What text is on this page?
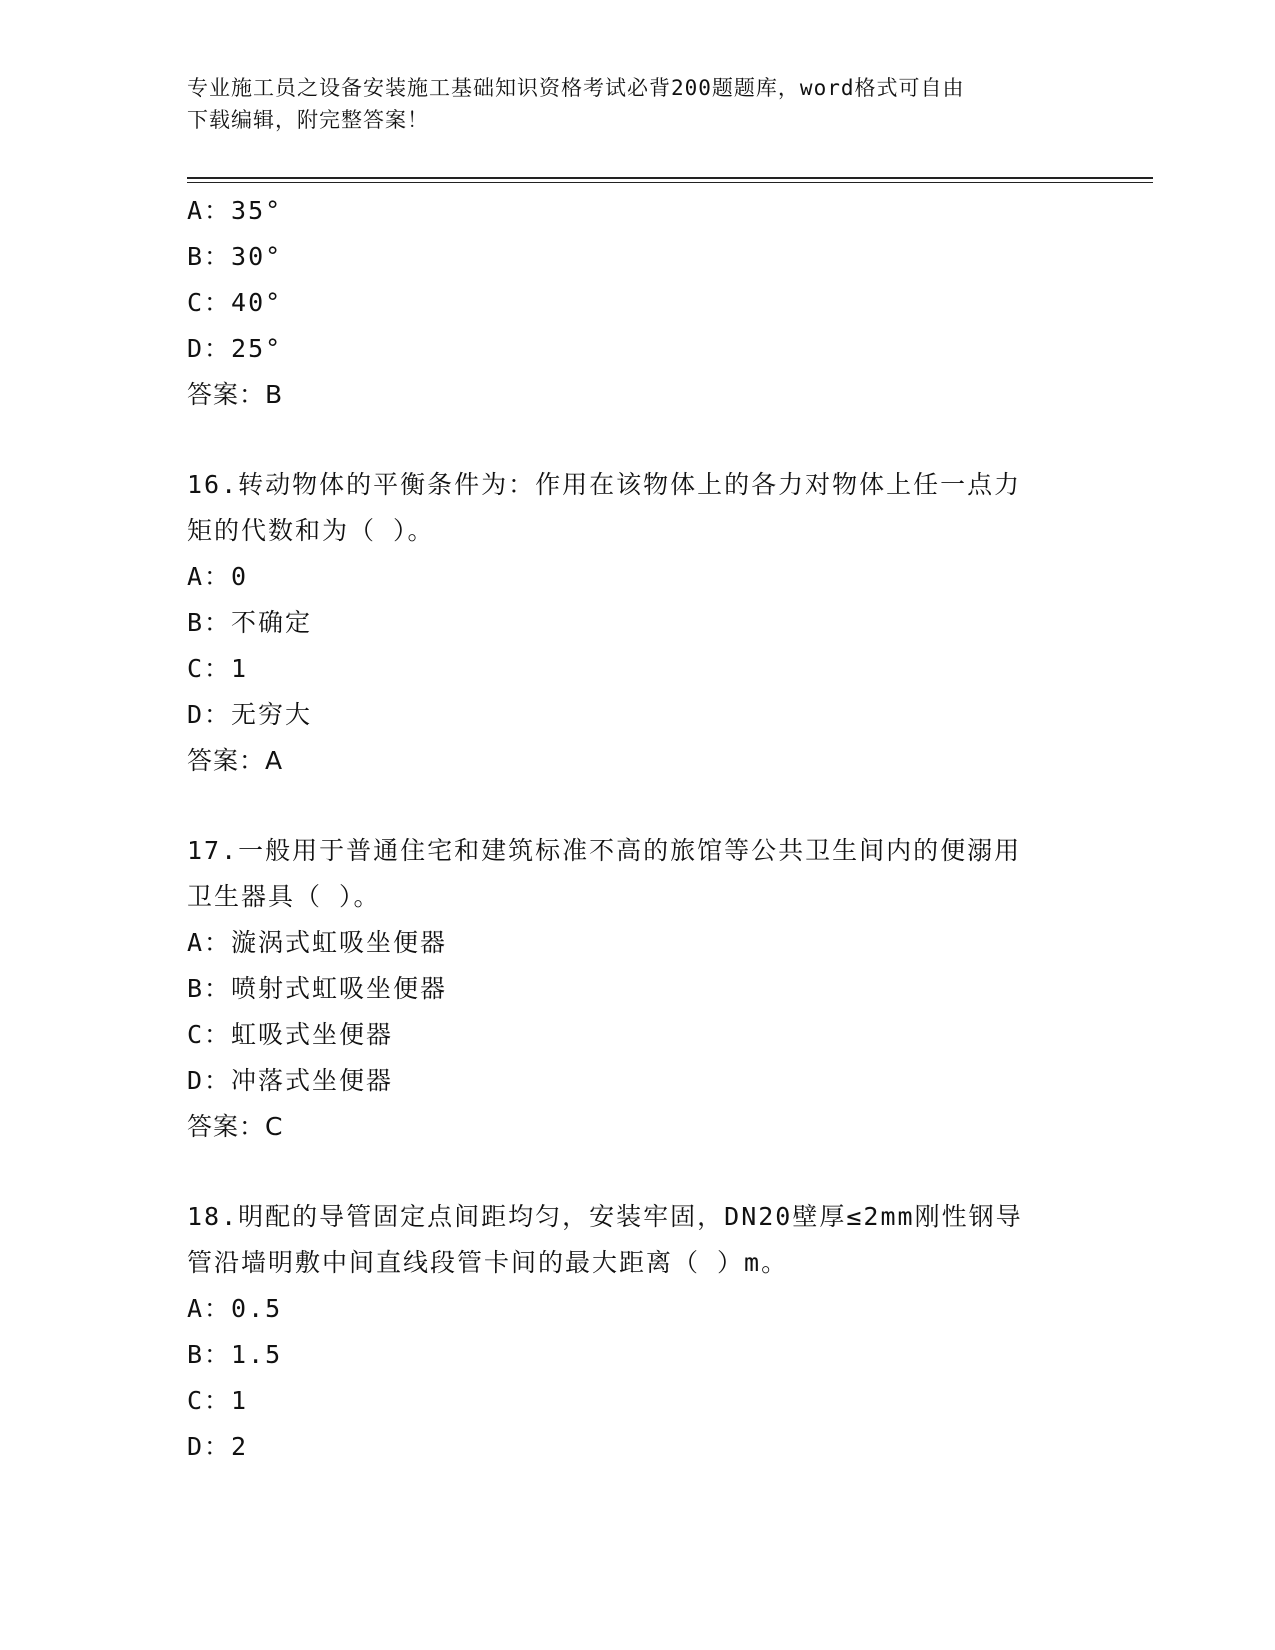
专业施工员之设备安装施工基础知识资格考试必背200题题库，word格式可自由
下载编辑，附完整答案！
A：35°
B：30°
C：40°
D：25°
答案：B
16.转动物体的平衡条件为：作用在该物体上的各力对物体上任一点力
矩的代数和为（ ）。
A：0
B：不确定
C：1
D：无穷大
答案：A
17.一般用于普通住宅和建筑标准不高的旅馆等公共卫生间内的便溺用
卫生器具（ ）。
A：漩涡式虹吸坐便器
B：喷射式虹吸坐便器
C：虹吸式坐便器
D：冲落式坐便器
答案：C
18.明配的导管固定点间距均匀，安装牢固，DN20壁厚≤2mm刚性钢导
管沿墙明敷中间直线段管卡间的最大距离（ ）m。
A：0.5
B：1.5
C：1
D：2
